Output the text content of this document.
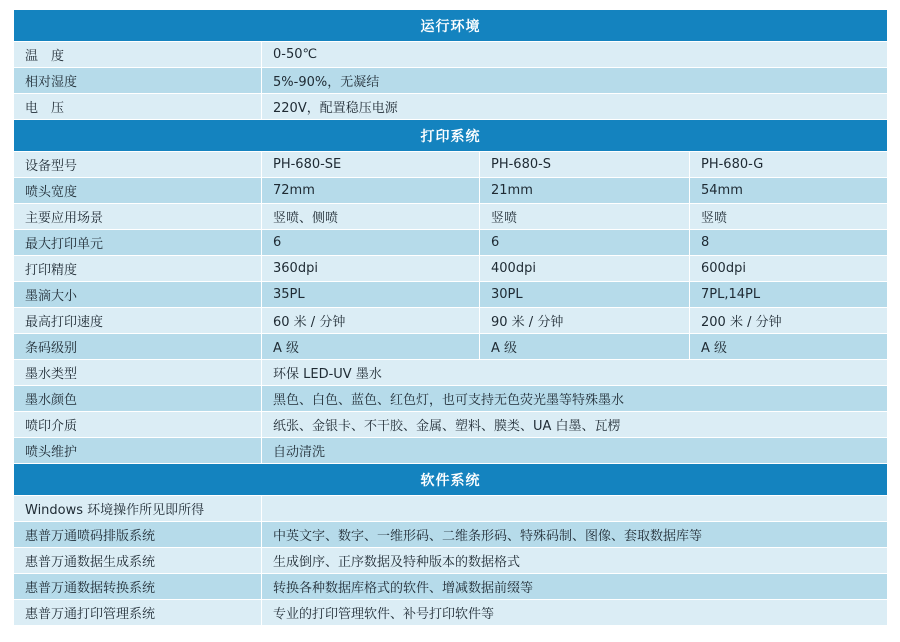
运行环境			
温　度	0-50℃		
相对湿度	5%-90%，无凝结		
电　压	220V，配置稳压电源		
打印系统			
设备型号	PH-680-SE	PH-680-S	PH-680-G
喷头宽度	72mm	21mm	54mm
主要应用场景	竖喷、侧喷	竖喷	竖喷
最大打印单元	6	6	8
打印精度	360dpi	400dpi	600dpi
墨滴大小	35PL	30PL	7PL,14PL
最高打印速度	60 米 / 分钟	90 米 / 分钟	200 米 / 分钟
条码级别	A 级	A 级	A 级
墨水类型	环保 LED-UV 墨水		
墨水颜色	黑色、白色、蓝色、红色灯，也可支持无色荧光墨等特殊墨水		
喷印介质	纸张、金银卡、不干胶、金属、塑料、膜类、UA 白墨、瓦楞		
喷头维护	自动清洗		
软件系统			
Windows 环境操作所见即所得			
惠普万通喷码排版系统	中英文字、数字、一维形码、二维条形码、特殊码制、图像、套取数据库等		
惠普万通数据生成系统	生成倒序、正序数据及特种版本的数据格式		
惠普万通数据转换系统	转换各种数据库格式的软件、增减数据前缀等		
惠普万通打印管理系统	专业的打印管理软件、补号打印软件等		
